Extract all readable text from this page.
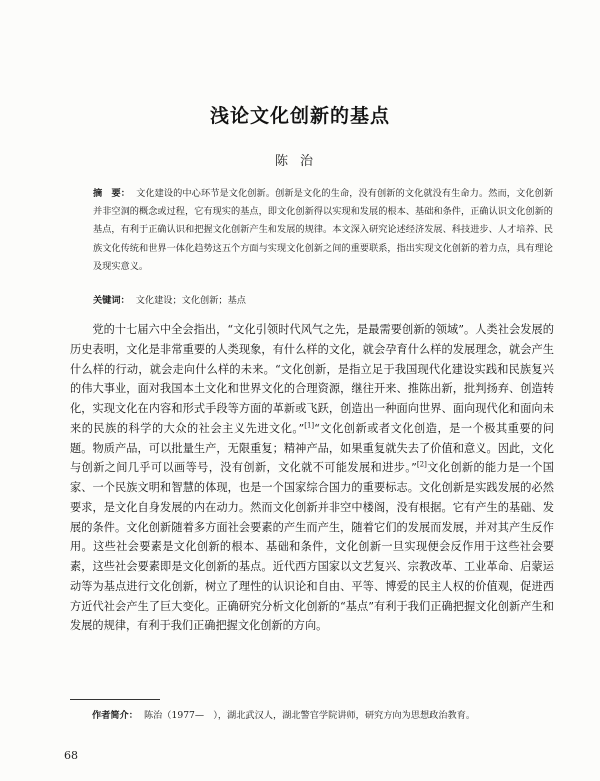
浅论文化创新的基点
陈治
摘　要： 文化建设的中心环节是文化创新。创新是文化的生命，没有创新的文化就没有生命力。然而，文化创新并非空洞的概念或过程，它有现实的基点，即文化创新得以实现和发展的根本、基础和条件，正确认识文化创新的基点，有利于正确认识和把握文化创新产生和发展的规律。本文深入研究论述经济发展、科技进步、人才培养、民族文化传统和世界一体化趋势这五个方面与实现文化创新之间的重要联系，指出实现文化创新的着力点，具有理论及现实意义。
关键词： 文化建设；文化创新；基点

党的十七届六中全会指出，“文化引领时代风气之先，是最需要创新的领域”。人类社会发展的历史表明，文化是非常重要的人类现象，有什么样的文化，就会孕育什么样的发展理念，就会产生什么样的行动，就会走向什么样的未来。“文化创新，是指立足于我国现代化建设实践和民族复兴的伟大事业，面对我国本土文化和世界文化的合理资源，继往开来、推陈出新，批判扬弃、创造转化，实现文化在内容和形式手段等方面的革新或飞跃，创造出一种面向世界、面向现代化和面向未来的民族的科学的大众的社会主义先进文化。”[1]“文化创新或者文化创造，是一个极其重要的问题。物质产品，可以批量生产，无限重复；精神产品，如果重复就失去了价值和意义。因此，文化与创新之间几乎可以画等号，没有创新，文化就不可能发展和进步。”[2]文化创新的能力是一个国家、一个民族文明和智慧的体现，也是一个国家综合国力的重要标志。文化创新是实践发展的必然要求，是文化自身发展的内在动力。然而文化创新并非空中楼阁，没有根据。它有产生的基础、发展的条件。文化创新随着多方面社会要素的产生而产生，随着它们的发展而发展，并对其产生反作用。这些社会要素是文化创新的根本、基础和条件，文化创新一旦实现便会反作用于这些社会要素，这些社会要素即是文化创新的基点。近代西方国家以文艺复兴、宗教改革、工业革命、启蒙运动等为基点进行文化创新，树立了理性的认识论和自由、平等、博爱的民主人权的价值观，促进西方近代社会产生了巨大变化。正确研究分析文化创新的“基点”有利于我们正确把握文化创新产生和发展的规律，有利于我们正确把握文化创新的方向。

作者简介： 陈治（1977—　），湖北武汉人，湖北警官学院讲师，研究方向为思想政治教育。
68
